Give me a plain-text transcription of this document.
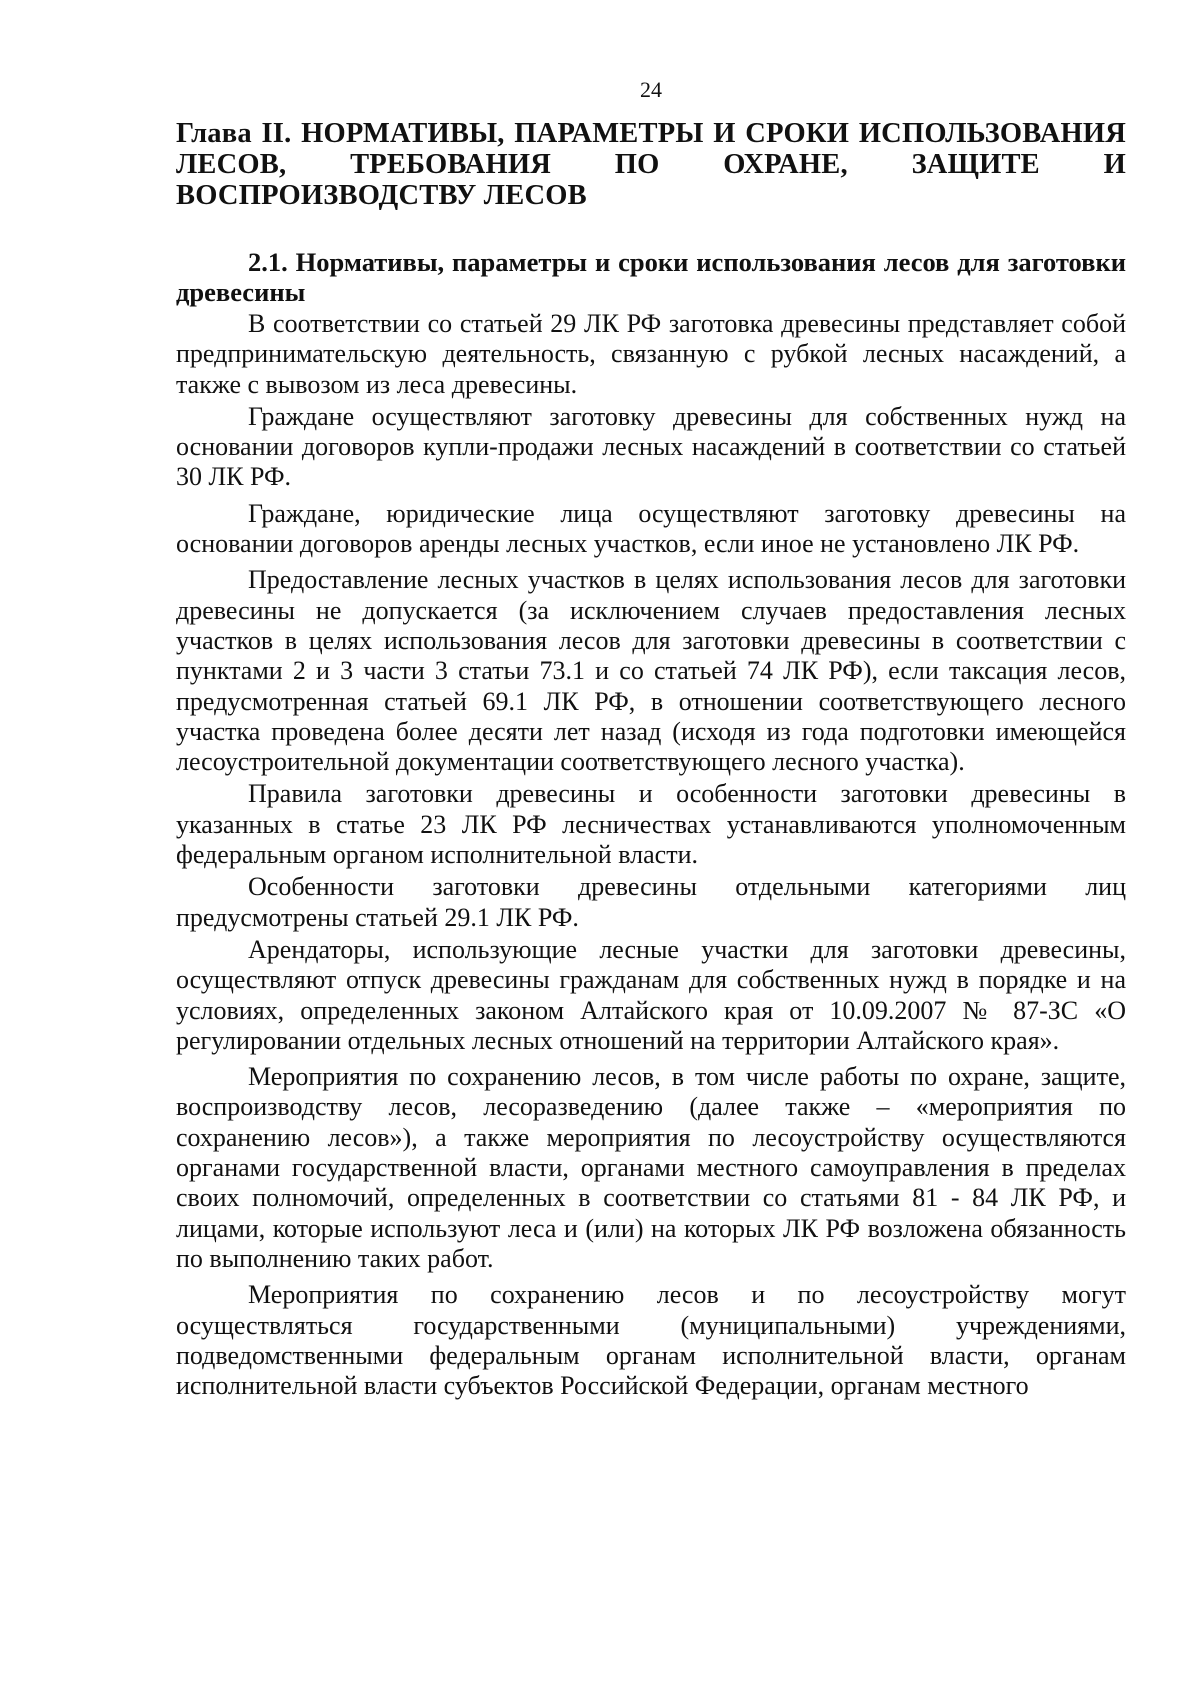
24
Глава II. НОРМАТИВЫ, ПАРАМЕТРЫ И СРОКИ ИСПОЛЬЗОВАНИЯ ЛЕСОВ, ТРЕБОВАНИЯ ПО ОХРАНЕ, ЗАЩИТЕ И ВОСПРОИЗВОДСТВУ ЛЕСОВ
2.1. Нормативы, параметры и сроки использования лесов для заготовки древесины

В соответствии со статьей 29 ЛК РФ заготовка древесины представляет собой предпринимательскую деятельность, связанную с рубкой лесных насаждений, а также с вывозом из леса древесины.

Граждане осуществляют заготовку древесины для собственных нужд на основании договоров купли-продажи лесных насаждений в соответствии со статьей 30 ЛК РФ.

Граждане, юридические лица осуществляют заготовку древесины на основании договоров аренды лесных участков, если иное не установлено ЛК РФ.

Предоставление лесных участков в целях использования лесов для заготовки древесины не допускается (за исключением случаев предоставления лесных участков в целях использования лесов для заготовки древесины в соответствии с пунктами 2 и 3 части 3 статьи 73.1 и со статьей 74 ЛК РФ), если таксация лесов, предусмотренная статьей 69.1 ЛК РФ, в отношении соответствующего лесного участка проведена более десяти лет назад (исходя из года подготовки имеющейся лесоустроительной документации соответствующего лесного участка).

Правила заготовки древесины и особенности заготовки древесины в указанных в статье 23 ЛК РФ лесничествах устанавливаются уполномоченным федеральным органом исполнительной власти.

Особенности заготовки древесины отдельными категориями лиц предусмотрены статьей 29.1 ЛК РФ.

Арендаторы, использующие лесные участки для заготовки древесины, осуществляют отпуск древесины гражданам для собственных нужд в порядке и на условиях, определенных законом Алтайского края от 10.09.2007 № 87-ЗС «О регулировании отдельных лесных отношений на территории Алтайского края».

Мероприятия по сохранению лесов, в том числе работы по охране, защите, воспроизводству лесов, лесоразведению (далее также – «мероприятия по сохранению лесов»), а также мероприятия по лесоустройству осуществляются органами государственной власти, органами местного самоуправления в пределах своих полномочий, определенных в соответствии со статьями 81 - 84 ЛК РФ, и лицами, которые используют леса и (или) на которых ЛК РФ возложена обязанность по выполнению таких работ.

Мероприятия по сохранению лесов и по лесоустройству могут осуществляться государственными (муниципальными) учреждениями, подведомственными федеральным органам исполнительной власти, органам исполнительной власти субъектов Российской Федерации, органам местного
